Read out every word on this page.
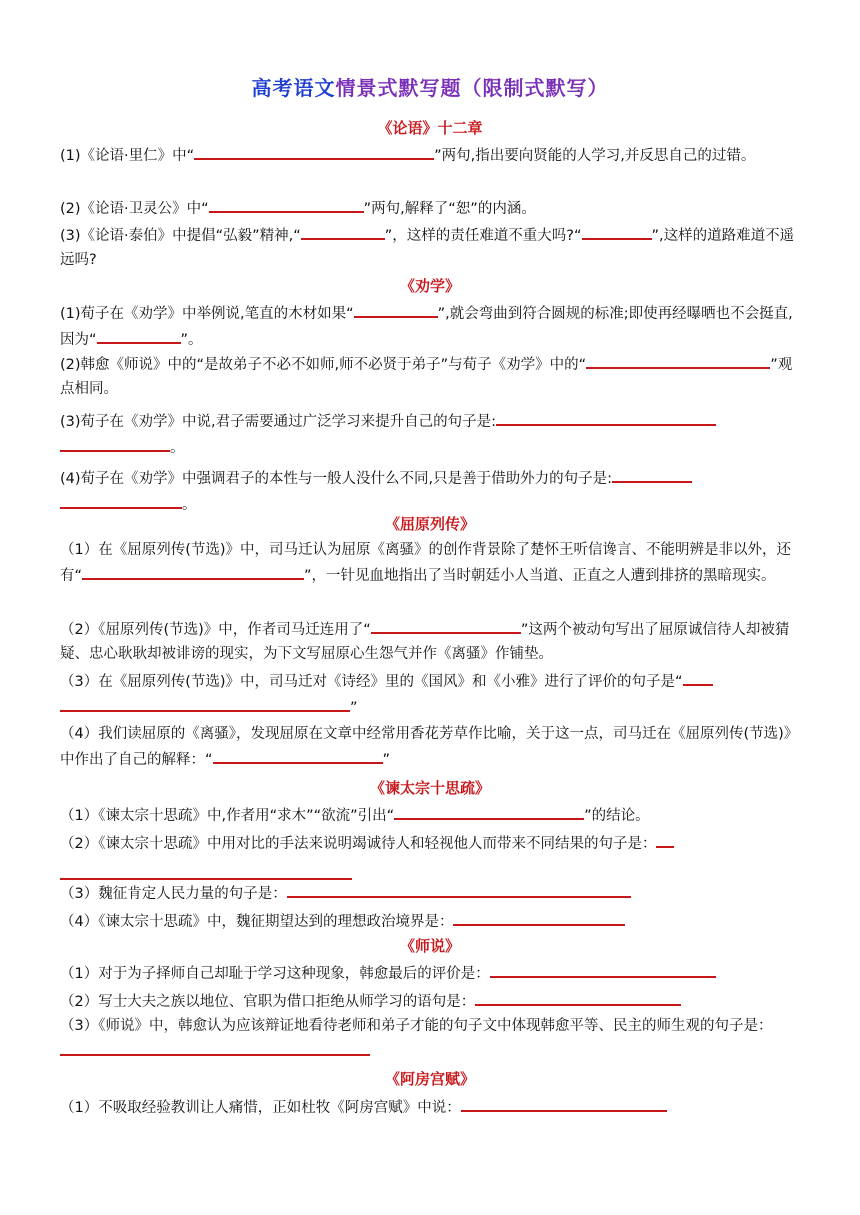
高考语文情景式默写题（限制式默写）
《论语》十二章
(1)《论语·里仁》中“	”两句,指出要向贤能的人学习,并反思自己的过错。
(2)《论语·卫灵公》中“	”两句,解释了“恕”的内涵。
(3)《论语·泰伯》中提倡“弘毅”精神,“	”，这样的责任难道不重大吗?“	”,这样的道路难道不遥远吗?
《劝学》
(1)荀子在《劝学》中举例说,笔直的木材如果“	”,就会弯曲到符合圆规的标准;即使再经曝晒也不会挺直,因为“	”。
(2)韩愈《师说》中的“是故弟子不必不如师,师不必贤于弟子”与荀子《劝学》中的“	”观点相同。
(3)荀子在《劝学》中说,君子需要通过广泛学习来提升自己的句子是:。
(4)荀子在《劝学》中强调君子的本性与一般人没什么不同,只是善于借助外力的句子是:。
《屈原列传》
（1）在《屈原列传(节选)》中，司马迁认为屈原《离骚》的创作背景除了楚怀王听信谗言、不能明辨是非以外，还有“	”，一针见血地指出了当时朝廷小人当道、正直之人遭到排挤的黑暗现实。
（2）《屈原列传(节选)》中，作者司马迁连用了“	”这两个被动句写出了屈原诚信待人却被猜疑、忠心耿耿却被诽谤的现实，为下文写屈原心生怨气并作《离骚》作铺垫。
（3）在《屈原列传(节选)》中，司马迁对《诗经》里的《国风》和《小雅》进行了评价的句子是“”
（4）我们读屈原的《离骚》，发现屈原在文章中经常用香花芳草作比喻，关于这一点，司马迁在《屈原列传(节选)》中作出了自己的解释：“	”
《谏太宗十思疏》
（1）《谏太宗十思疏》中,作者用“求木”“欲流”引出“	”的结论。
（2）《谏太宗十思疏》中用对比的手法来说明竭诚待人和轻视他人而带来不同结果的句子是：
（3）魏征肯定人民力量的句子是：
（4）《谏太宗十思疏》中，魏征期望达到的理想政治境界是：
《师说》
（1）对于为子择师自己却耻于学习这种现象，韩愈最后的评价是：
（2）写士大夫之族以地位、官职为借口拒绝从师学习的语句是：
（3）《师说》中，韩愈认为应该辩证地看待老师和弟子才能的句子文中体现韩愈平等、民主的师生观的句子是：
《阿房宫赋》
（1）不吸取经验教训让人痛惜，正如杜牧《阿房宫赋》中说：
